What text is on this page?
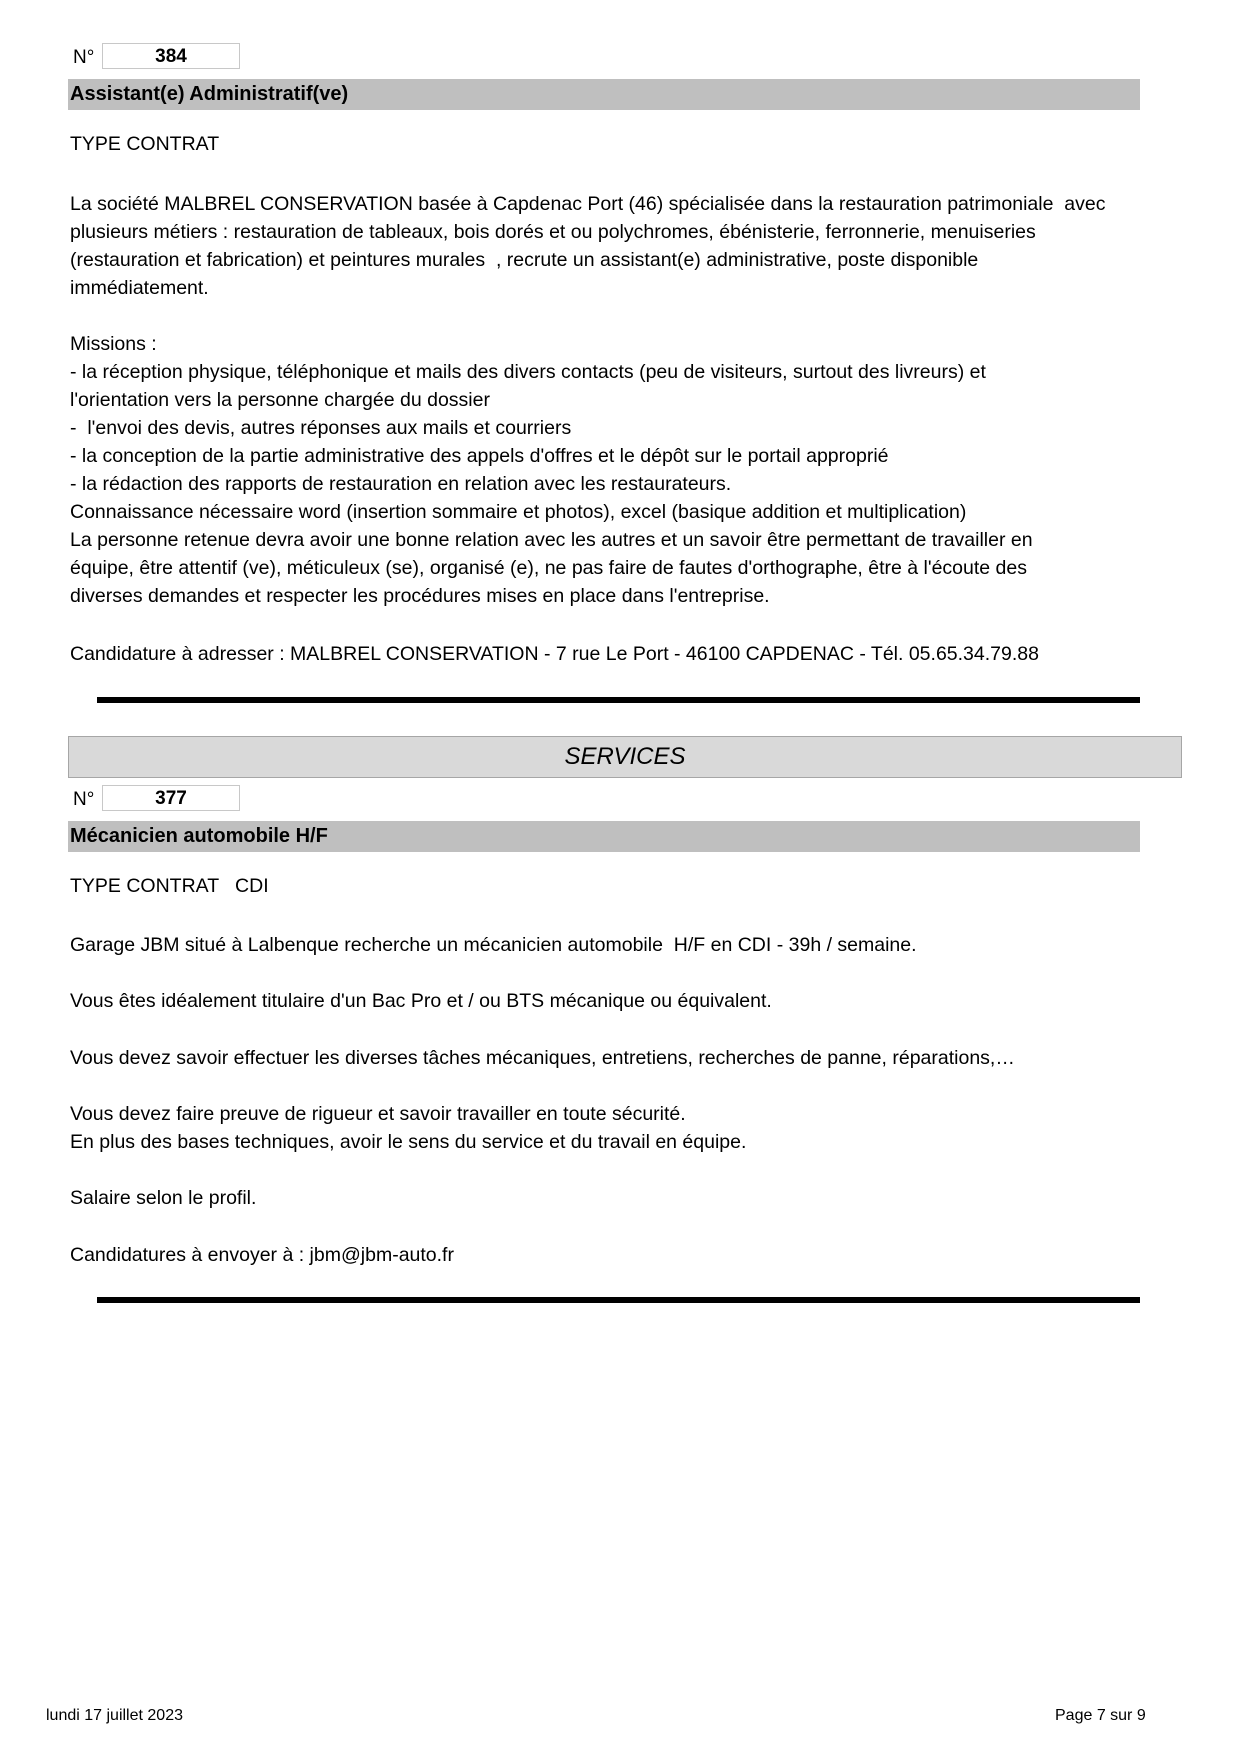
N°	384
Assistant(e) Administratif(ve)

TYPE CONTRAT

La société MALBREL CONSERVATION basée à Capdenac Port (46) spécialisée dans la restauration patrimoniale  avec

plusieurs métiers : restauration de tableaux, bois dorés et ou polychromes, ébénisterie, ferronnerie, menuiseries

(restauration et fabrication) et peintures murales  , recrute un assistant(e) administrative, poste disponible

immédiatement.

Missions :

- la réception physique, téléphonique et mails des divers contacts (peu de visiteurs, surtout des livreurs) et

l'orientation vers la personne chargée du dossier

-  l'envoi des devis, autres réponses aux mails et courriers

- la conception de la partie administrative des appels d'offres et le dépôt sur le portail approprié

- la rédaction des rapports de restauration en relation avec les restaurateurs.

Connaissance nécessaire word (insertion sommaire et photos), excel (basique addition et multiplication)

La personne retenue devra avoir une bonne relation avec les autres et un savoir être permettant de travailler en

équipe, être attentif (ve), méticuleux (se), organisé (e), ne pas faire de fautes d'orthographe, être à l'écoute des

diverses demandes et respecter les procédures mises en place dans l'entreprise.

Candidature à adresser : MALBREL CONSERVATION - 7 rue Le Port - 46100 CAPDENAC - Tél. 05.65.34.79.88

SERVICES
N°	377
Mécanicien automobile H/F

TYPE CONTRAT   CDI

Garage JBM situé à Lalbenque recherche un mécanicien automobile  H/F en CDI - 39h / semaine.

Vous êtes idéalement titulaire d'un Bac Pro et / ou BTS mécanique ou équivalent.

Vous devez savoir effectuer les diverses tâches mécaniques, entretiens, recherches de panne, réparations,…

Vous devez faire preuve de rigueur et savoir travailler en toute sécurité.

En plus des bases techniques, avoir le sens du service et du travail en équipe.

Salaire selon le profil.

Candidatures à envoyer à : jbm@jbm-auto.fr

lundi 17 juillet 2023	Page 7 sur 9
